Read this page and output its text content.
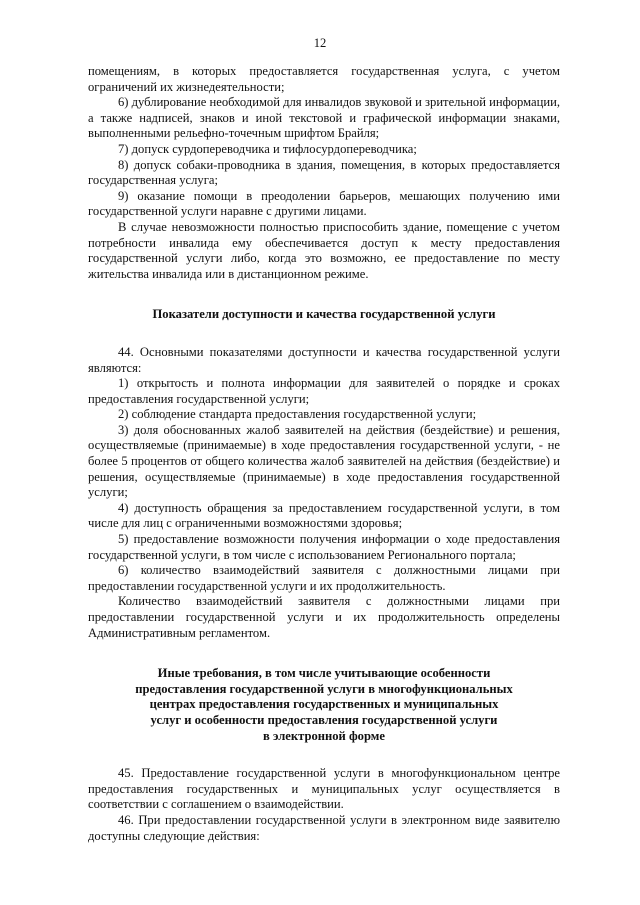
12

помещениям, в которых предоставляется государственная услуга, с учетом ограничений их жизнедеятельности;

6) дублирование необходимой для инвалидов звуковой и зрительной информации, а также надписей, знаков и иной текстовой и графической информации знаками, выполненными рельефно-точечным шрифтом Брайля;

7) допуск сурдопереводчика и тифлосурдопереводчика;

8) допуск собаки-проводника в здания, помещения, в которых предоставляется государственная услуга;

9) оказание помощи в преодолении барьеров, мешающих получению ими государственной услуги наравне с другими лицами.

В случае невозможности полностью приспособить здание, помещение с учетом потребности инвалида ему обеспечивается доступ к месту предоставления государственной услуги либо, когда это возможно, ее предоставление по месту жительства инвалида или в дистанционном режиме.

Показатели доступности и качества государственной услуги

44. Основными показателями доступности и качества государственной услуги являются:

1) открытость и полнота информации для заявителей о порядке и сроках предоставления государственной услуги;

2) соблюдение стандарта предоставления государственной услуги;

3) доля обоснованных жалоб заявителей на действия (бездействие) и решения, осуществляемые (принимаемые) в ходе предоставления государственной услуги, - не более 5 процентов от общего количества жалоб заявителей на действия (бездействие) и решения, осуществляемые (принимаемые) в ходе предоставления государственной услуги;

4) доступность обращения за предоставлением государственной услуги, в том числе для лиц с ограниченными возможностями здоровья;

5) предоставление возможности получения информации о ходе предоставления государственной услуги, в том числе с использованием Регионального портала;

6) количество взаимодействий заявителя с должностными лицами при предоставлении государственной услуги и их продолжительность.

Количество взаимодействий заявителя с должностными лицами при предоставлении государственной услуги и их продолжительность определены Административным регламентом.

Иные требования, в том числе учитывающие особенности

предоставления государственной услуги в многофункциональных

центрах предоставления государственных и муниципальных

услуг и особенности предоставления государственной услуги

в электронной форме

45. Предоставление государственной услуги в многофункциональном центре предоставления государственных и муниципальных услуг осуществляется в соответствии с соглашением о взаимодействии.

46. При предоставлении государственной услуги в электронном виде заявителю доступны следующие действия:
